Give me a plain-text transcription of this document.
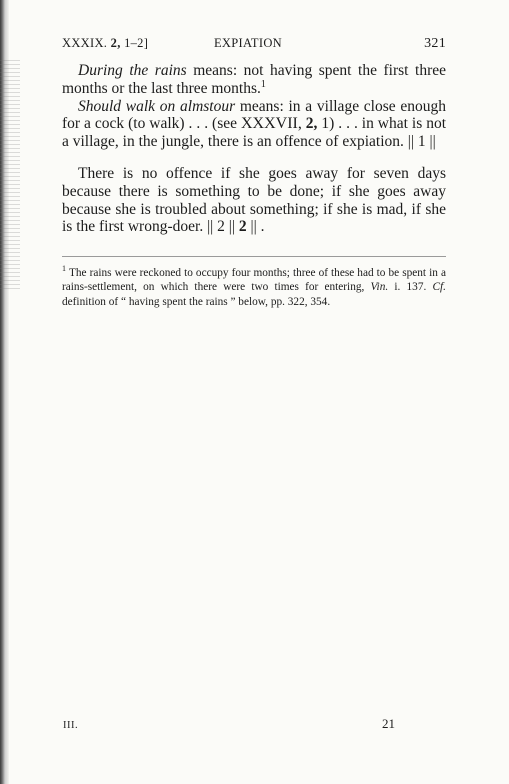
XXXIX. 2, 1–2]	EXPIATION	321

During the rains means: not having spent the first three months or the last three months.$^1$

Should walk on almstour means: in a village close enough for a cock (to walk) . . . (see XXXVII, 2, 1) . . . in what is not a village, in the jungle, there is an offence of expiation. || 1 ||

There is no offence if she goes away for seven days because there is something to be done; if she goes away because she is troubled about something; if she is mad, if she is the first wrong-doer. || 2 || 2 || .

$^1$ The rains were reckoned to occupy four months; three of these had to be spent in a rains-settlement, on which there were two times for entering, Vin. i. 137. Cf. definition of “ having spent the rains ” below, pp. 322, 354.
III.	21
